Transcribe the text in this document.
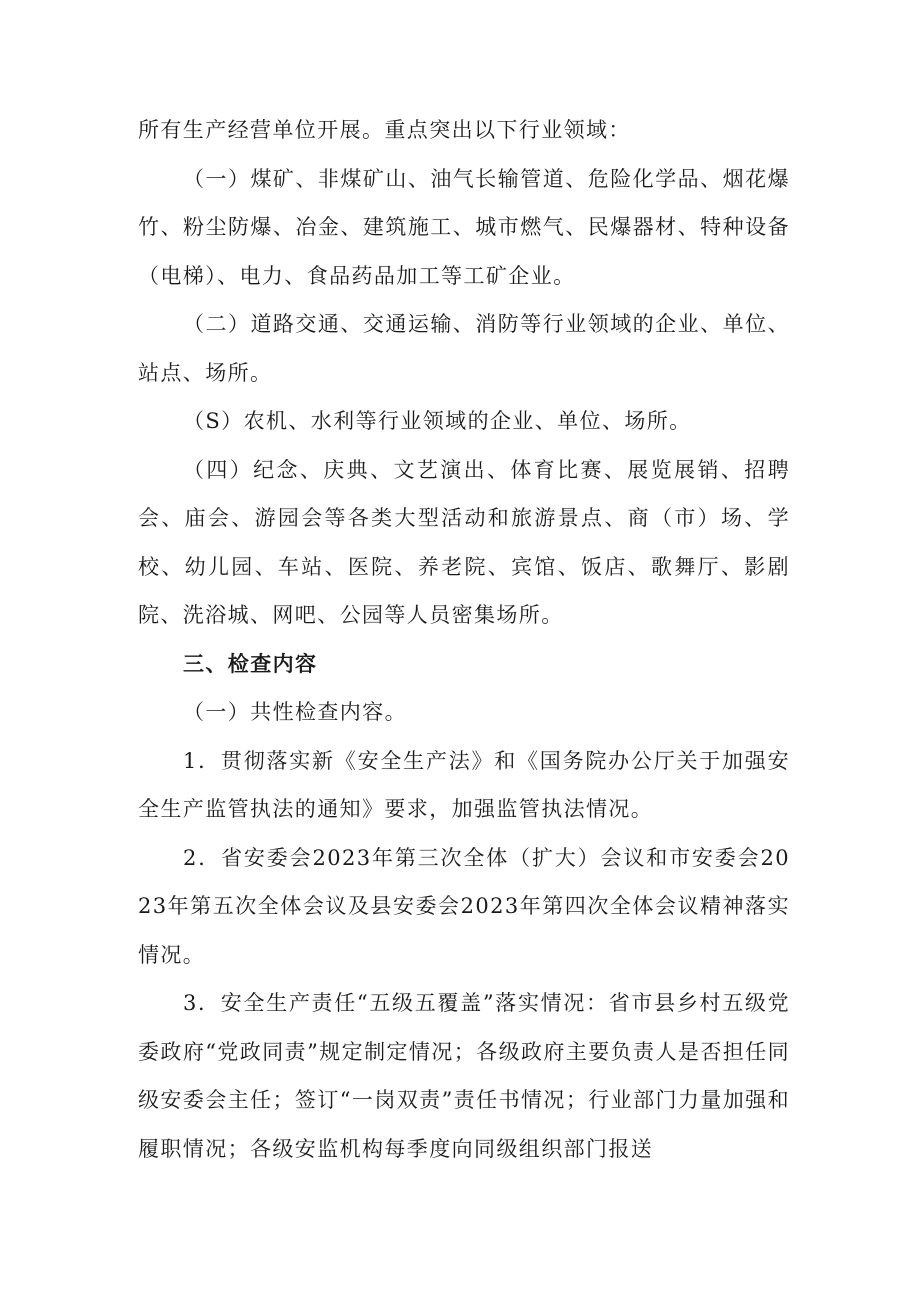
所有生产经营单位开展。重点突出以下行业领域：

（一）煤矿、非煤矿山、油气长输管道、危险化学品、烟花爆竹、粉尘防爆、冶金、建筑施工、城市燃气、民爆器材、特种设备（电梯）、电力、食品药品加工等工矿企业。

（二）道路交通、交通运输、消防等行业领域的企业、单位、站点、场所。

（S）农机、水利等行业领域的企业、单位、场所。

（四）纪念、庆典、文艺演出、体育比赛、展览展销、招聘会、庙会、游园会等各类大型活动和旅游景点、商（市）场、学校、幼儿园、车站、医院、养老院、宾馆、饭店、歌舞厅、影剧院、洗浴城、网吧、公园等人员密集场所。

三、检查内容

（一）共性检查内容。

1．贯彻落实新《安全生产法》和《国务院办公厅关于加强安全生产监管执法的通知》要求，加强监管执法情况。

2．省安委会2023年第三次全体（扩大）会议和市安委会2023年第五次全体会议及县安委会2023年第四次全体会议精神落实情况。

3．安全生产责任“五级五覆盖”落实情况：省市县乡村五级党委政府“党政同责”规定制定情况；各级政府主要负责人是否担任同级安委会主任；签订“一岗双责”责任书情况；行业部门力量加强和履职情况；各级安监机构每季度向同级组织部门报送
